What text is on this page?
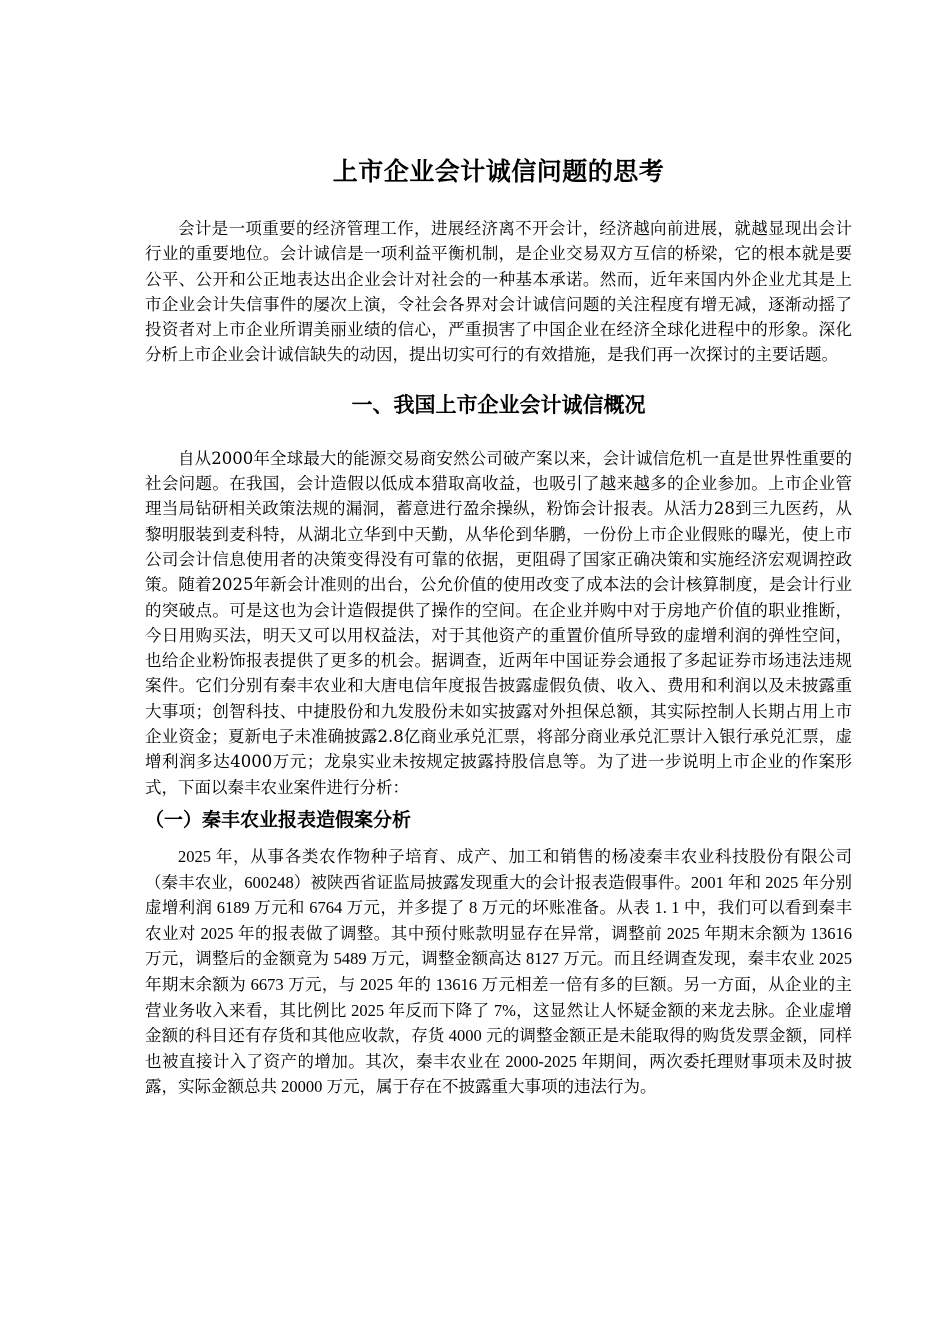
上市企业会计诚信问题的思考

会计是一项重要的经济管理工作，进展经济离不开会计，经济越向前进展，就越显现出会计行业的重要地位。会计诚信是一项利益平衡机制，是企业交易双方互信的桥梁，它的根本就是要公平、公开和公正地表达出企业会计对社会的一种基本承诺。然而，近年来国内外企业尤其是上市企业会计失信事件的屡次上演，令社会各界对会计诚信问题的关注程度有增无减，逐渐动摇了投资者对上市企业所谓美丽业绩的信心，严重损害了中国企业在经济全球化进程中的形象。深化分析上市企业会计诚信缺失的动因，提出切实可行的有效措施，是我们再一次探讨的主要话题。

一、我国上市企业会计诚信概况

自从2000年全球最大的能源交易商安然公司破产案以来，会计诚信危机一直是世界性重要的社会问题。在我国，会计造假以低成本猎取高收益，也吸引了越来越多的企业参加。上市企业管理当局钻研相关政策法规的漏洞，蓄意进行盈余操纵，粉饰会计报表。从活力28到三九医药，从黎明服装到麦科特，从湖北立华到中天勤，从华伦到华鹏，一份份上市企业假账的曝光，使上市公司会计信息使用者的决策变得没有可靠的依据，更阻碍了国家正确决策和实施经济宏观调控政策。随着2025年新会计准则的出台，公允价值的使用改变了成本法的会计核算制度，是会计行业的突破点。可是这也为会计造假提供了操作的空间。在企业并购中对于房地产价值的职业推断，今日用购买法，明天又可以用权益法，对于其他资产的重置价值所导致的虚增利润的弹性空间，也给企业粉饰报表提供了更多的机会。据调查，近两年中国证券会通报了多起证券市场违法违规案件。它们分别有秦丰农业和大唐电信年度报告披露虚假负债、收入、费用和利润以及未披露重大事项；创智科技、中捷股份和九发股份未如实披露对外担保总额，其实际控制人长期占用上市企业资金；夏新电子未准确披露2.8亿商业承兑汇票，将部分商业承兑汇票计入银行承兑汇票，虚增利润多达4000万元；龙泉实业未按规定披露持股信息等。为了进一步说明上市企业的作案形式，下面以秦丰农业案件进行分析：

（一）秦丰农业报表造假案分析

2025 年，从事各类农作物种子培育、成产、加工和销售的杨凌秦丰农业科技股份有限公司（秦丰农业，600248）被陕西省证监局披露发现重大的会计报表造假事件。2001 年和 2025 年分别虚增利润 6189 万元和 6764 万元，并多提了 8 万元的坏账准备。从表 1. 1 中，我们可以看到秦丰农业对 2025 年的报表做了调整。其中预付账款明显存在异常，调整前 2025 年期末余额为 13616 万元，调整后的金额竟为 5489 万元，调整金额高达 8127 万元。而且经调查发现，秦丰农业 2025 年期末余额为 6673 万元，与 2025 年的 13616 万元相差一倍有多的巨额。另一方面，从企业的主营业务收入来看，其比例比 2025 年反而下降了 7%，这显然让人怀疑金额的来龙去脉。企业虚增金额的科目还有存货和其他应收款，存货 4000 元的调整金额正是未能取得的购货发票金额，同样也被直接计入了资产的增加。其次，秦丰农业在 2000-2025 年期间，两次委托理财事项未及时披露，实际金额总共 20000 万元，属于存在不披露重大事项的违法行为。
